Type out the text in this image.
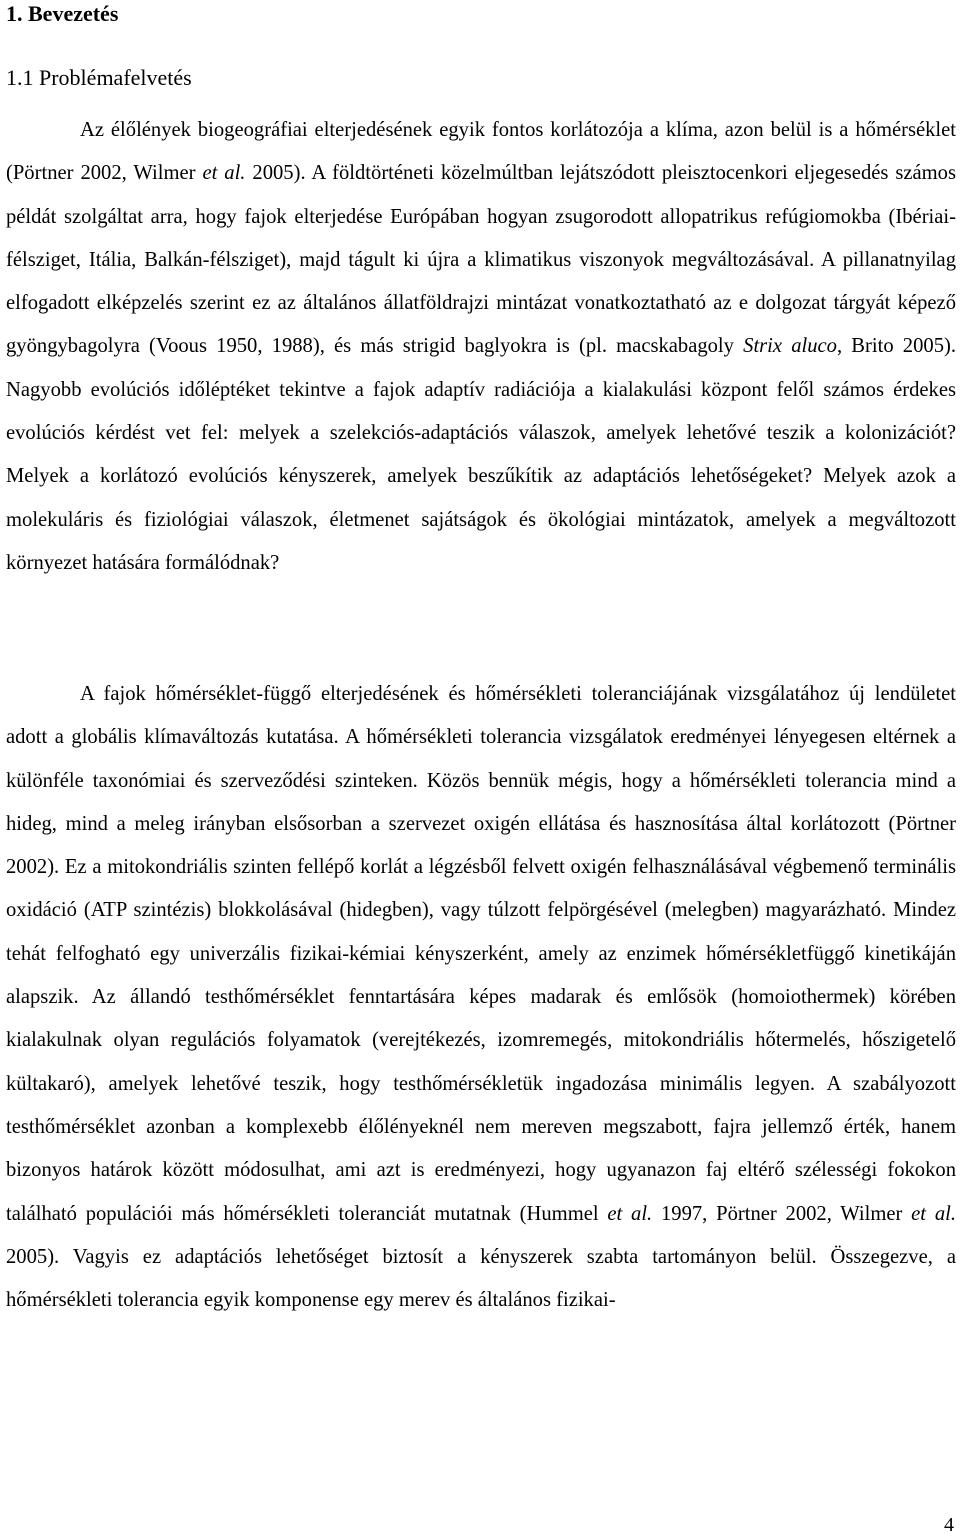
1. Bevezetés
1.1 Problémafelvetés

Az élőlények biogeográfiai elterjedésének egyik fontos korlátozója a klíma, azon belül is a hőmérséklet (Pörtner 2002, Wilmer et al. 2005). A földtörténeti közelmúltban lejátszódott pleisztocenkori eljegesedés számos példát szolgáltat arra, hogy fajok elterjedése Európában hogyan zsugorodott allopatrikus refúgiomokba (Ibériai-félsziget, Itália, Balkán-félsziget), majd tágult ki újra a klimatikus viszonyok megváltozásával. A pillanatnyilag elfogadott elképzelés szerint ez az általános állatföldrajzi mintázat vonatkoztatható az e dolgozat tárgyát képező gyöngybagolyra (Voous 1950, 1988), és más strigid baglyokra is (pl. macskabagoly Strix aluco, Brito 2005). Nagyobb evolúciós időléptéket tekintve a fajok adaptív radiációja a kialakulási központ felől számos érdekes evolúciós kérdést vet fel: melyek a szelekciós-adaptációs válaszok, amelyek lehetővé teszik a kolonizációt? Melyek a korlátozó evolúciós kényszerek, amelyek beszűkítik az adaptációs lehetőségeket? Melyek azok a molekuláris és fiziológiai válaszok, életmenet sajátságok és ökológiai mintázatok, amelyek a megváltozott környezet hatására formálódnak?

A fajok hőmérséklet-függő elterjedésének és hőmérsékleti toleranciájának vizsgálatához új lendületet adott a globális klímaváltozás kutatása. A hőmérsékleti tolerancia vizsgálatok eredményei lényegesen eltérnek a különféle taxonómiai és szerveződési szinteken. Közös bennük mégis, hogy a hőmérsékleti tolerancia mind a hideg, mind a meleg irányban elsősorban a szervezet oxigén ellátása és hasznosítása által korlátozott (Pörtner 2002). Ez a mitokondriális szinten fellépő korlát a légzésből felvett oxigén felhasználásával végbemenő terminális oxidáció (ATP szintézis) blokkolásával (hidegben), vagy túlzott felpörgésével (melegben) magyarázható. Mindez tehát felfogható egy univerzális fizikai-kémiai kényszerként, amely az enzimek hőmérsékletfüggő kinetikáján alapszik. Az állandó testhőmérséklet fenntartására képes madarak és emlősök (homoiothermek) körében kialakulnak olyan regulációs folyamatok (verejtékezés, izomremegés, mitokondriális hőtermelés, hőszigetelő kültakaró), amelyek lehetővé teszik, hogy testhőmérsékletük ingadozása minimális legyen. A szabályozott testhőmérséklet azonban a komplexebb élőlényeknél nem mereven megszabott, fajra jellemző érték, hanem bizonyos határok között módosulhat, ami azt is eredményezi, hogy ugyanazon faj eltérő szélességi fokokon található populációi más hőmérsékleti toleranciát mutatnak (Hummel et al. 1997, Pörtner 2002, Wilmer et al. 2005). Vagyis ez adaptációs lehetőséget biztosít a kényszerek szabta tartományon belül. Összegezve, a hőmérsékleti tolerancia egyik komponense egy merev és általános fizikai-

4
